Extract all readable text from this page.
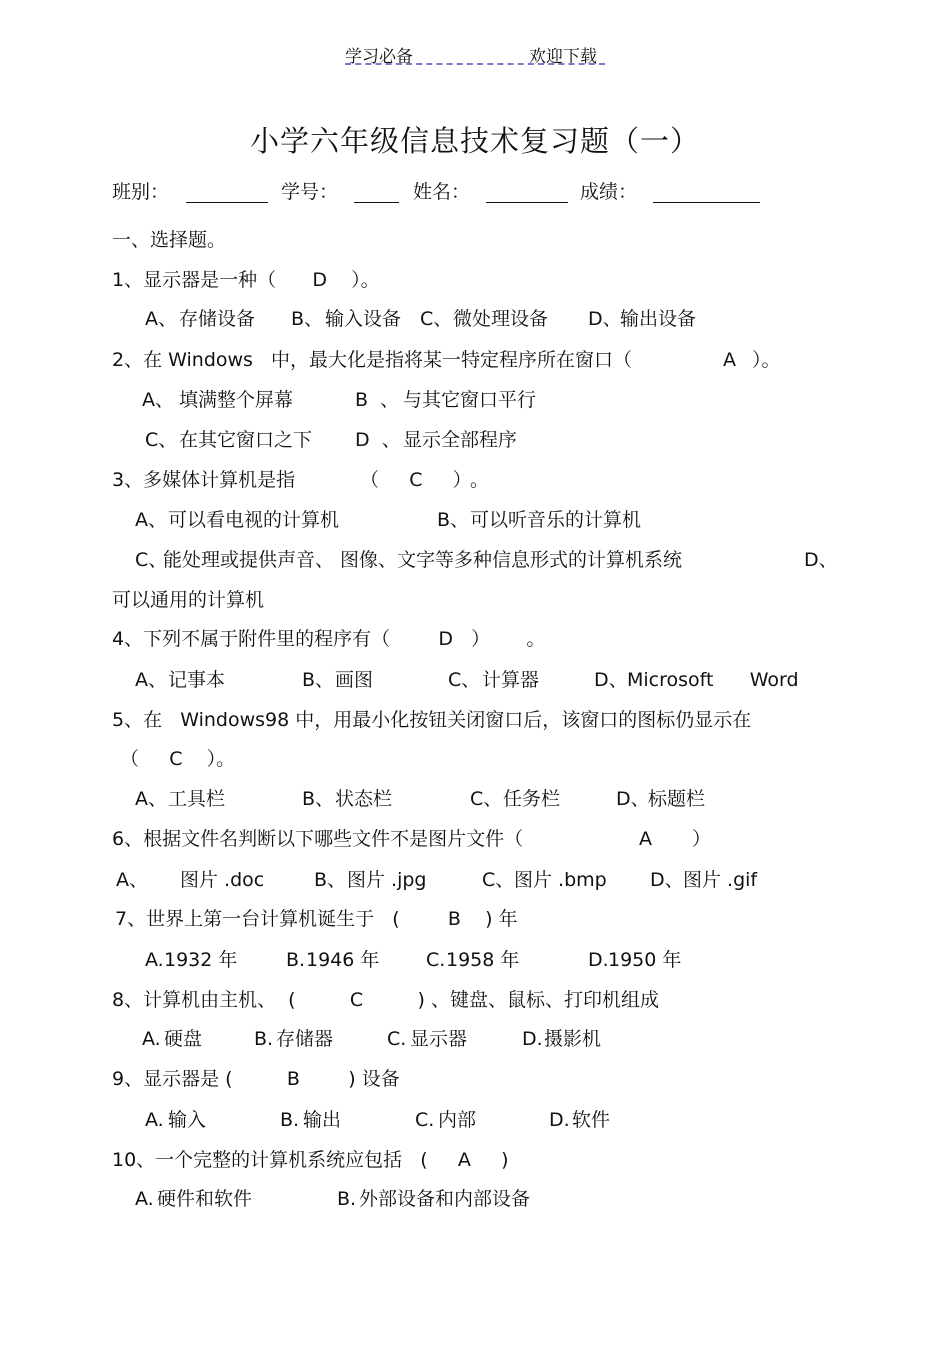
学习必备	欢迎下载
小学六年级信息技术复习题（一）
班别：	学号：	姓名：	成绩：
一、选择题。
1、显示器是一种（      D    ）。
A、 存储设备 B、 输入设备 C、 微处理设备 D、
输出设备
2、在 Windows   中，最大化是指将某一特定程序所在窗口（	A ）。
A、 填满整个屏幕	B  、 与其它窗口平行
C、 在其它窗口之下 D  、 显示全部程序
3、多媒体计算机是指	（     C     ）
。
A、 可以看电视的计算机	B、 可以听音乐的计算机
C、
能处理或提供声音、 图像、文字等多种信息形式的计算机系统	D、
可以通用的计算机
4、下列不属于附件里的程序有（        D   ）      。
A、 记事本	B、 画图	C、 计算器	D、 Microsoft      Word
5、在   Windows98 中，用最小化按钮关闭窗口后，该窗口的图标仍显示在
（     C    ）。
A、 工具栏	B、 状态栏	C、 任务栏	D、
标题栏
6、根据文件名判断以下哪些文件不是图片文件（	A ）
A、 图片 .doc	B、 图片 .jpg	C、 图片 .bmp D、 图片 .gif
7、世界上第一台计算机诞生于   (        B    ) 年
A. 1932 年	B. 1946 年 C. 1958 年	D. 1950 年
8、计算机由主机、  (         C         ) 、键盘、鼠标、打印机组成
A. 硬盘	B. 存储器	C. 显示器	D. 摄影机
9、显示器是 (         B        ) 设备
A. 输入	B. 输出	C. 内部	D. 软件
10、一个完整的计算机系统应包括   (     A     )
A. 硬件和软件	B. 外部设备和内部设备
